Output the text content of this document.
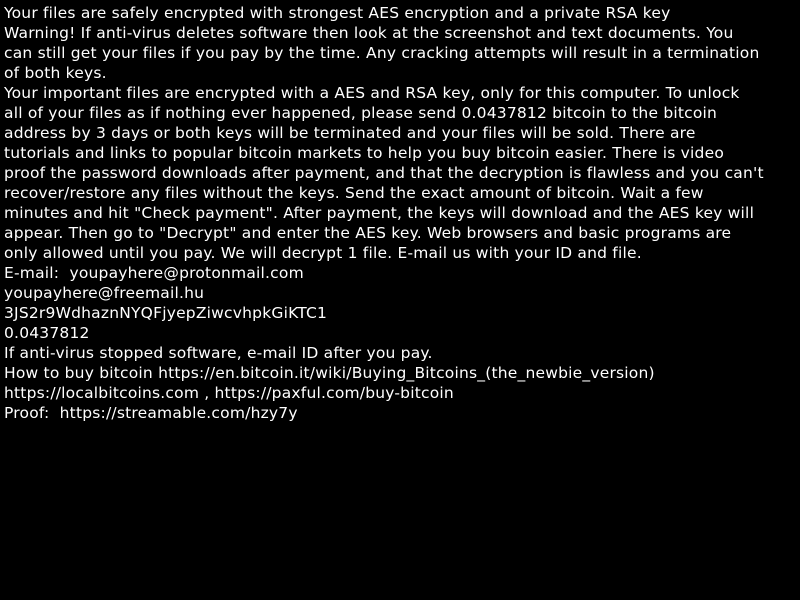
Your files are safely encrypted with strongest AES encryption and a private RSA key
Warning! If anti-virus deletes software then look at the screenshot and text documents. You
can still get your files if you pay by the time. Any cracking attempts will result in a termination
of both keys.
Your important files are encrypted with a AES and RSA key, only for this computer. To unlock
all of your files as if nothing ever happened, please send 0.0437812 bitcoin to the bitcoin
address by 3 days or both keys will be terminated and your files will be sold. There are
tutorials and links to popular bitcoin markets to help you buy bitcoin easier. There is video
proof the password downloads after payment, and that the decryption is flawless and you can't
recover/restore any files without the keys. Send the exact amount of bitcoin. Wait a few
minutes and hit "Check payment". After payment, the keys will download and the AES key will
appear. Then go to "Decrypt" and enter the AES key. Web browsers and basic programs are
only allowed until you pay. We will decrypt 1 file. E-mail us with your ID and file.
E-mail:  youpayhere@protonmail.com
youpayhere@freemail.hu
3JS2r9WdhaznNYQFjyepZiwcvhpkGiKTC1
0.0437812
If anti-virus stopped software, e-mail ID after you pay.
How to buy bitcoin https://en.bitcoin.it/wiki/Buying_Bitcoins_(the_newbie_version)
https://localbitcoins.com , https://paxful.com/buy-bitcoin
Proof:  https://streamable.com/hzy7y
